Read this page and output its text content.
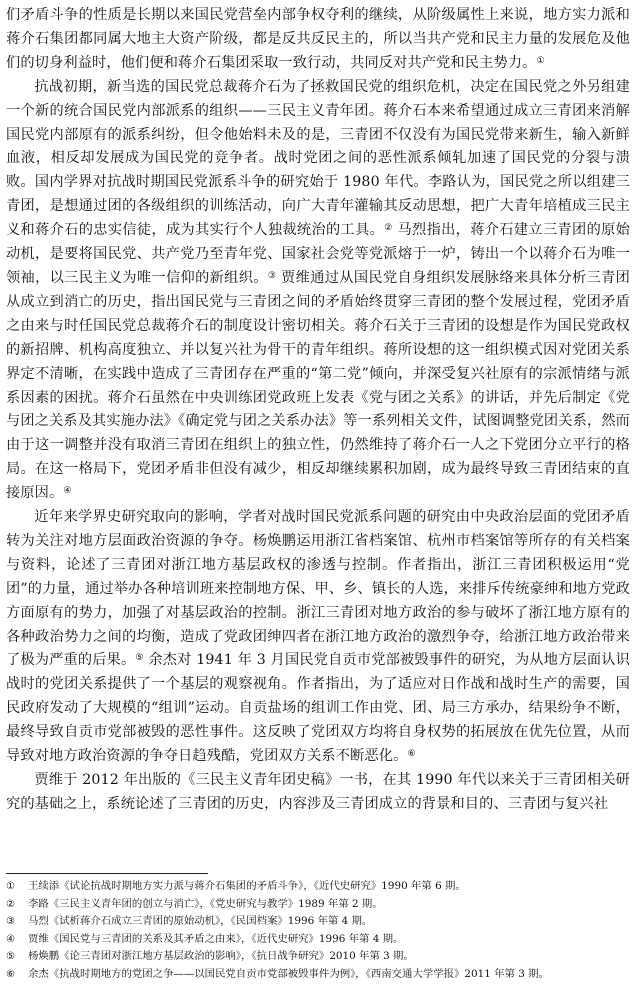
们矛盾斗争的性质是长期以来国民党营垒内部争权夺利的继续，从阶级属性上来说，地方实力派和蒋介石集团都同属大地主大资产阶级，都是反共反民主的，所以当共产党和民主力量的发展危及他们的切身利益时，他们便和蒋介石集团采取一致行动，共同反对共产党和民主势力。①

抗战初期，新当选的国民党总裁蒋介石为了拯救国民党的组织危机，决定在国民党之外另组建一个新的统合国民党内部派系的组织——三民主义青年团。蒋介石本来希望通过成立三青团来消解国民党内部原有的派系纠纷，但令他始料未及的是，三青团不仅没有为国民党带来新生，输入新鲜血液，相反却发展成为国民党的竞争者。战时党团之间的恶性派系倾轧加速了国民党的分裂与溃败。国内学界对抗战时期国民党派系斗争的研究始于 1980 年代。李路认为，国民党之所以组建三青团，是想通过团的各级组织的训练活动，向广大青年灌输其反动思想，把广大青年培植成三民主义和蒋介石的忠实信徒，成为其实行个人独裁统治的工具。② 马烈指出，蒋介石建立三青团的原始动机，是要将国民党、共产党乃至青年党、国家社会党等党派熔于一炉，铸出一个以蒋介石为唯一领袖，以三民主义为唯一信仰的新组织。③ 贾维通过从国民党自身组织发展脉络来具体分析三青团从成立到消亡的历史，指出国民党与三青团之间的矛盾始终贯穿三青团的整个发展过程，党团矛盾之由来与时任国民党总裁蒋介石的制度设计密切相关。蒋介石关于三青团的设想是作为国民党政权的新招牌、机构高度独立、并以复兴社为骨干的青年组织。蒋所设想的这一组织模式因对党团关系界定不清晰，在实践中造成了三青团存在严重的“第二党”倾向，并深受复兴社原有的宗派情绪与派系因素的困扰。蒋介石虽然在中央训练团党政班上发表《党与团之关系》的讲话，并先后制定《党与团之关系及其实施办法》《确定党与团之关系办法》等一系列相关文件，试图调整党团关系，然而由于这一调整并没有取消三青团在组织上的独立性，仍然维持了蒋介石一人之下党团分立平行的格局。在这一格局下，党团矛盾非但没有减少，相反却继续累积加剧，成为最终导致三青团结束的直接原因。④

近年来学界史研究取向的影响，学者对战时国民党派系问题的研究由中央政治层面的党团矛盾转为关注对地方层面政治资源的争夺。杨焕鹏运用浙江省档案馆、杭州市档案馆等所存的有关档案与资料，论述了三青团对浙江地方基层政权的渗透与控制。作者指出，浙江三青团积极运用“党团”的力量，通过举办各种培训班来控制地方保、甲、乡、镇长的人选，来排斥传统豪绅和地方党政方面原有的势力，加强了对基层政治的控制。浙江三青团对地方政治的参与破坏了浙江地方原有的各种政治势力之间的均衡，造成了党政团绅四者在浙江地方政治的激烈争夺，给浙江地方政治带来了极为严重的后果。⑤ 余杰对 1941 年 3 月国民党自贡市党部被毁事件的研究，为从地方层面认识战时的党团关系提供了一个基层的观察视角。作者指出，为了适应对日作战和战时生产的需要，国民政府发动了大规模的“组训”运动。自贡盐场的组训工作由党、团、局三方承办，结果纷争不断，最终导致自贡市党部被毁的恶性事件。这反映了党团双方均将自身权势的拓展放在优先位置，从而导致对地方政治资源的争夺日趋残酷，党团双方关系不断恶化。⑥

贾维于 2012 年出版的《三民主义青年团史稿》一书，在其 1990 年代以来关于三青团相关研究的基础之上，系统论述了三青团的历史，内容涉及三青团成立的背景和目的、三青团与复兴社

① 王续添《试论抗战时期地方实力派与蒋介石集团的矛盾斗争》，《近代史研究》1990 年第 6 期。
② 李路《三民主义青年团的创立与消亡》，《党史研究与教学》1989 年第 2 期。
③ 马烈《试析蒋介石成立三青团的原始动机》，《民国档案》1996 年第 4 期。
④ 贾维《国民党与三青团的关系及其矛盾之由来》，《近代史研究》1996 年第 4 期。
⑤ 杨焕鹏《论三青团对浙江地方基层政治的影响》，《抗日战争研究》2010 年第 3 期。
⑥ 余杰《抗战时期地方的党团之争——以国民党自贡市党部被毁事件为例》，《西南交通大学学报》2011 年第 3 期。
